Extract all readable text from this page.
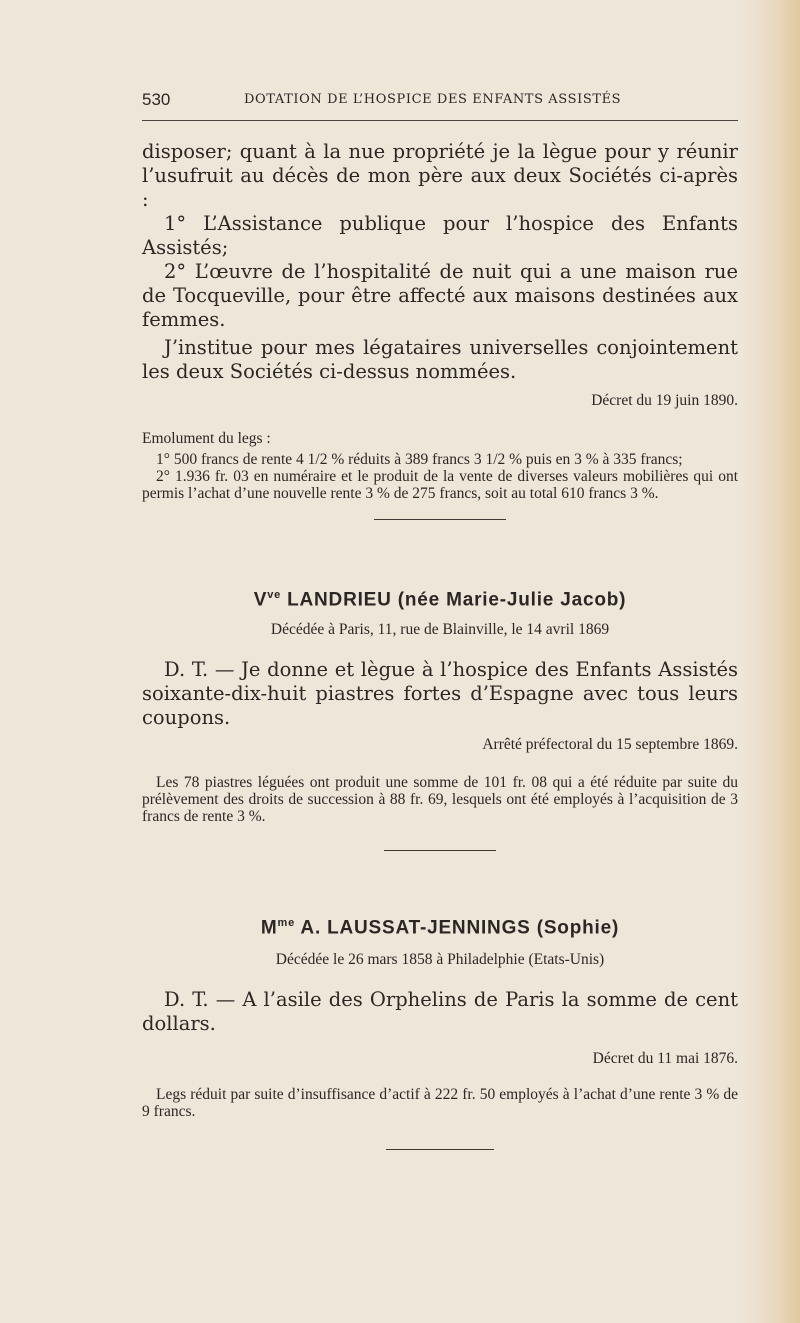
530	DOTATION DE L’HOSPICE DES ENFANTS ASSISTÉS

disposer; quant à la nue propriété je la lègue pour y réunir l’usufruit au décès de mon père aux deux Sociétés ci-après :

1° L’Assistance publique pour l’hospice des Enfants Assistés;

2° L’œuvre de l’hospitalité de nuit qui a une maison rue de Tocqueville, pour être affecté aux maisons destinées aux femmes.

J’institue pour mes légataires universelles conjointement les deux Sociétés ci-dessus nommées.

Décret du 19 juin 1890.

Emolument du legs :

1° 500 francs de rente 4 1/2 % réduits à 389 francs 3 1/2 % puis en 3 % à 335 francs;

2° 1.936 fr. 03 en numéraire et le produit de la vente de diverses valeurs mobilières qui ont permis l’achat d’une nouvelle rente 3 % de 275 francs, soit au total 610 francs 3 %.

$V^{ve}$ LANDRIEU (née Marie-Julie Jacob)
Décédée à Paris, 11, rue de Blainville, le 14 avril 1869

D. T. — Je donne et lègue à l’hospice des Enfants Assistés soixante-dix-huit piastres fortes d’Espagne avec tous leurs coupons.

Arrêté préfectoral du 15 septembre 1869.

Les 78 piastres léguées ont produit une somme de 101 fr. 08 qui a été réduite par suite du prélèvement des droits de succession à 88 fr. 69, lesquels ont été employés à l’acquisition de 3 francs de rente 3 %.

$M^{me}$ A. LAUSSAT-JENNINGS (Sophie)
Décédée le 26 mars 1858 à Philadelphie (Etats-Unis)

D. T. — A l’asile des Orphelins de Paris la somme de cent dollars.

Décret du 11 mai 1876.

Legs réduit par suite d’insuffisance d’actif à 222 fr. 50 employés à l’achat d’une rente 3 % de 9 francs.
